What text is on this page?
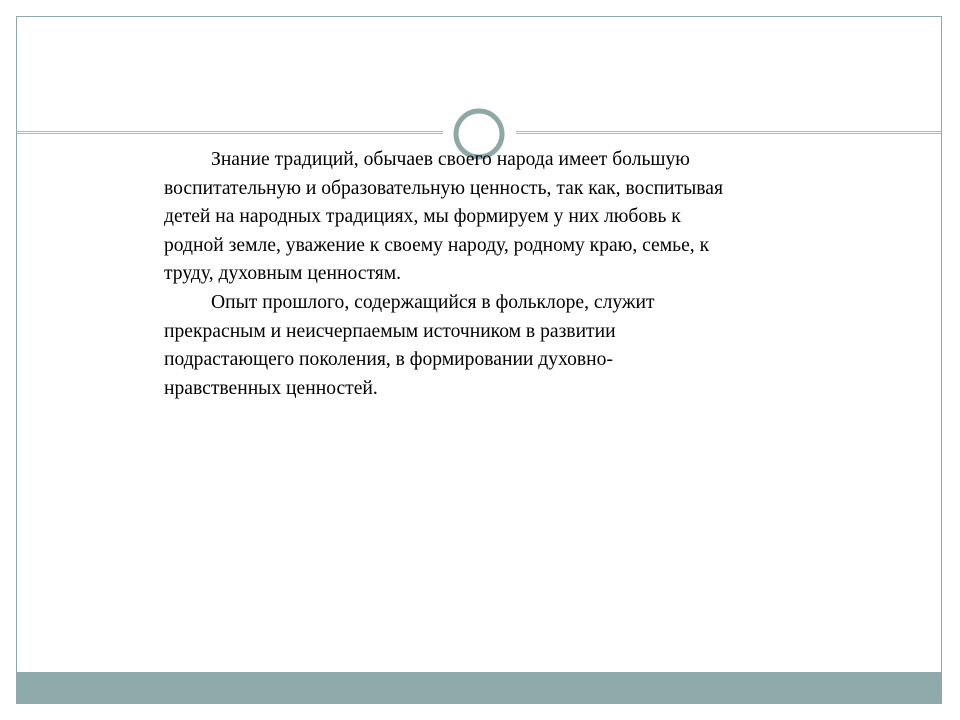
Знание традиций, обычаев своего народа имеет большую воспитательную и образовательную ценность, так как, воспитывая детей на народных традициях, мы формируем у них любовь к родной земле, уважение к своему народу, родному краю, семье, к труду, духовным ценностям.

Опыт прошлого, содержащийся в фольклоре, служит прекрасным и неисчерпаемым источником в развитии подрастающего поколения, в формировании духовно-нравственных ценностей.
